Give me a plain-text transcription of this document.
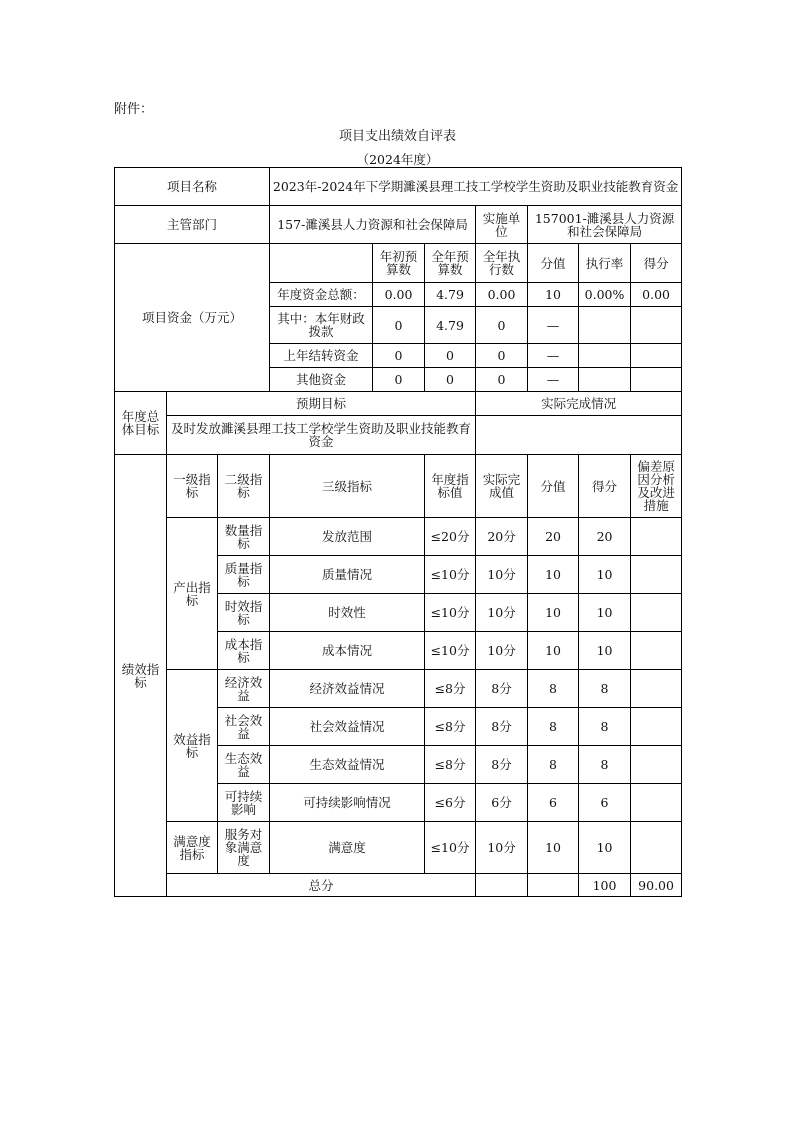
附件：
项目支出绩效自评表
（2024年度）
项目名称			2023年-2024年下学期濉溪县理工技工学校学生资助及职业技能教育资金							
主管部门			157-濉溪县人力资源和社会保障局			实施单位	157001-濉溪县人力资源和社会保障局			
项目资金（万元）				年初预算数	全年预算数	全年执行数	分值	执行率	得分	
			年度资金总额：	0.00	4.79	0.00	10	0.00%	0.00	
			其中：本年财政拨款	0	4.79	0	—			
			上年结转资金	0	0	0	—			
			其他资金	0	0	0	—			
年度总体目标	预期目标					实际完成情况				
	及时发放濉溪县理工技工学校学生资助及职业技能教育资金									
绩效指标	一级指标	二级指标	三级指标		年度指标值	实际完成值	分值	得分	偏差原因分析及改进措施	
	产出指标	数量指标	发放范围		≤20分	20分	20	20		
		质量指标	质量情况		≤10分	10分	10	10		
		时效指标	时效性		≤10分	10分	10	10		
		成本指标	成本情况		≤10分	10分	10	10		
	效益指标	经济效益	经济效益情况		≤8分	8分	8	8		
		社会效益	社会效益情况		≤8分	8分	8	8		
		生态效益	生态效益情况		≤8分	8分	8	8		
		可持续影响	可持续影响情况		≤6分	6分	6	6		
	满意度指标	服务对象满意度	满意度		≤10分	10分	10	10		
	总分							100	90.00	
